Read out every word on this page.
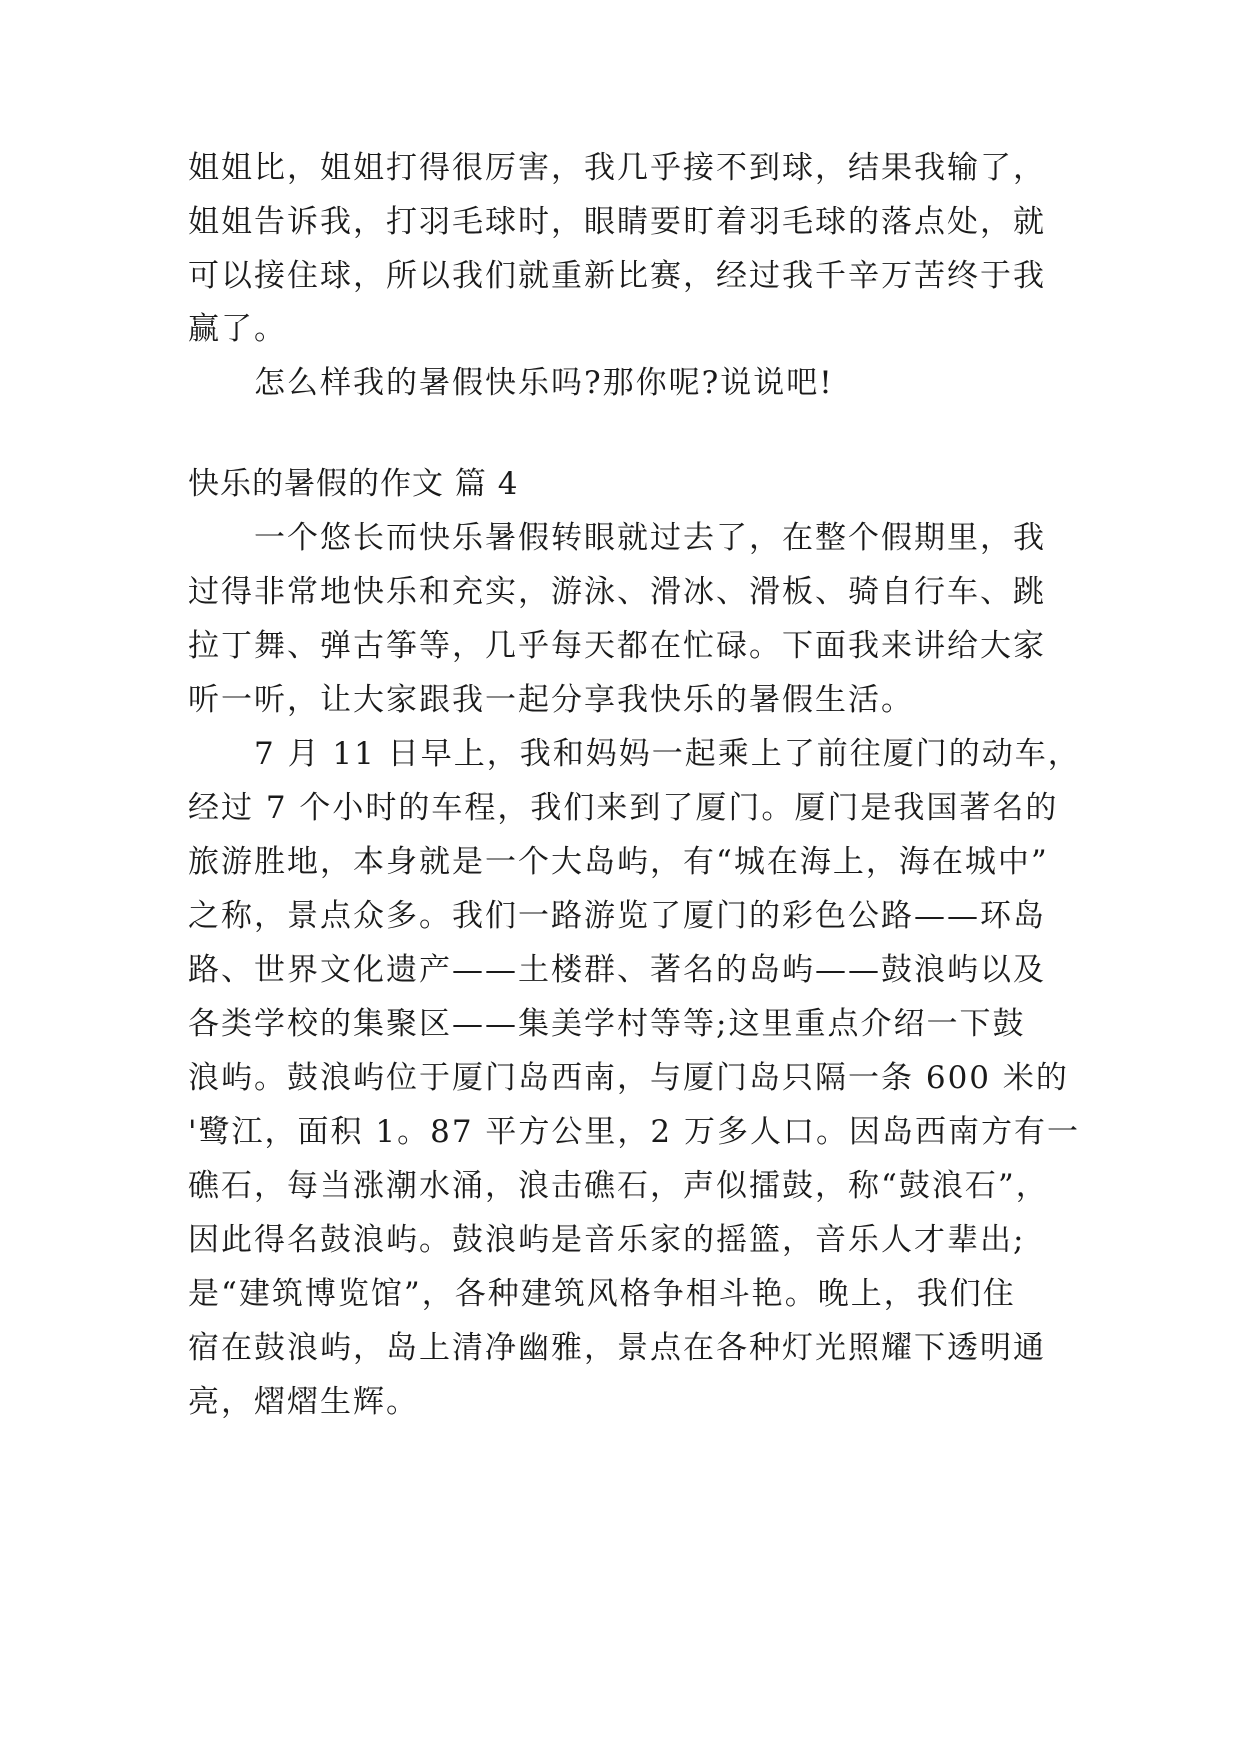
姐姐比，姐姐打得很厉害，我几乎接不到球，结果我输了，
姐姐告诉我，打羽毛球时，眼睛要盯着羽毛球的落点处，就
可以接住球，所以我们就重新比赛，经过我千辛万苦终于我
赢了。
怎么样我的暑假快乐吗?那你呢?说说吧!
快乐的暑假的作文 篇 4
一个悠长而快乐暑假转眼就过去了，在整个假期里，我
过得非常地快乐和充实，游泳、滑冰、滑板、骑自行车、跳
拉丁舞、弹古筝等，几乎每天都在忙碌。下面我来讲给大家
听一听，让大家跟我一起分享我快乐的暑假生活。
7 月 11 日早上，我和妈妈一起乘上了前往厦门的动车，
经过 7 个小时的车程，我们来到了厦门。厦门是我国著名的
旅游胜地，本身就是一个大岛屿，有“城在海上，海在城中”
之称，景点众多。我们一路游览了厦门的彩色公路——环岛
路、世界文化遗产——土楼群、著名的岛屿——鼓浪屿以及
各类学校的集聚区——集美学村等等;这里重点介绍一下鼓
浪屿。鼓浪屿位于厦门岛西南，与厦门岛只隔一条 600 米的
'鹭江，面积 1。87 平方公里，2 万多人口。因岛西南方有一
礁石，每当涨潮水涌，浪击礁石，声似擂鼓，称“鼓浪石”，
因此得名鼓浪屿。鼓浪屿是音乐家的摇篮，音乐人才辈出;
是“建筑博览馆”，各种建筑风格争相斗艳。晚上，我们住
宿在鼓浪屿，岛上清净幽雅，景点在各种灯光照耀下透明通
亮，熠熠生辉。
